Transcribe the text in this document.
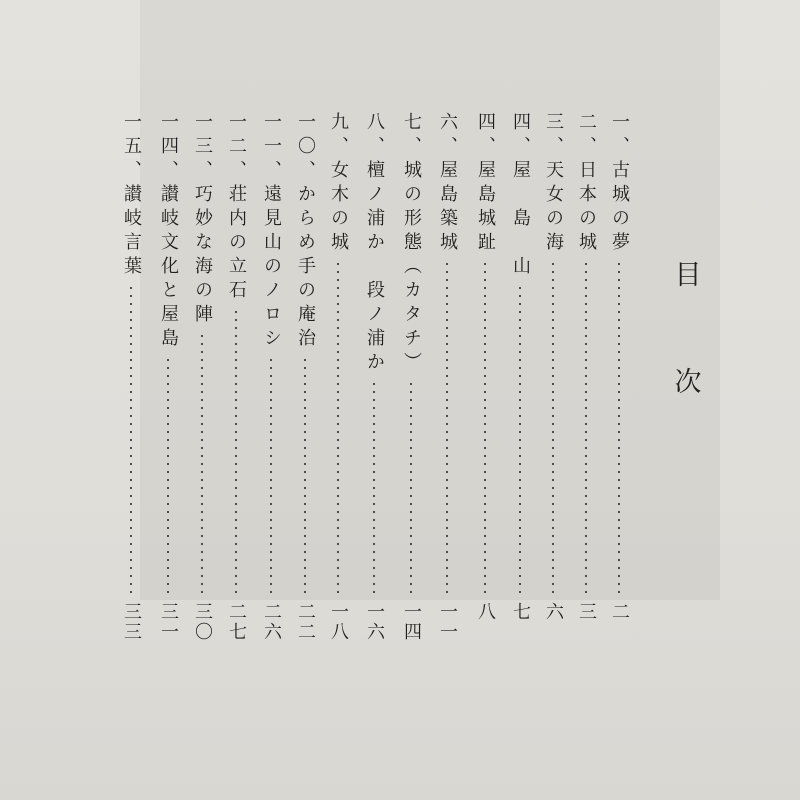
目
次
一、
古城の夢
二
二、
日本の城
三
三、
天女の海
六
四、
屋　島　山
七
四、
屋島城趾
八
六、
屋島築城
一一
七、
城の形態（カタチ）
一四
八、
檀ノ浦か　段ノ浦か
一六
九、
女木の城
一八
一〇、
からめ手の庵治
二二
一一、
遠見山のノロシ
二六
一二、
荘内の立石
二七
一三、
巧妙な海の陣
三〇
一四、
讃岐文化と屋島
三一
一五、
讃岐言葉
三三
